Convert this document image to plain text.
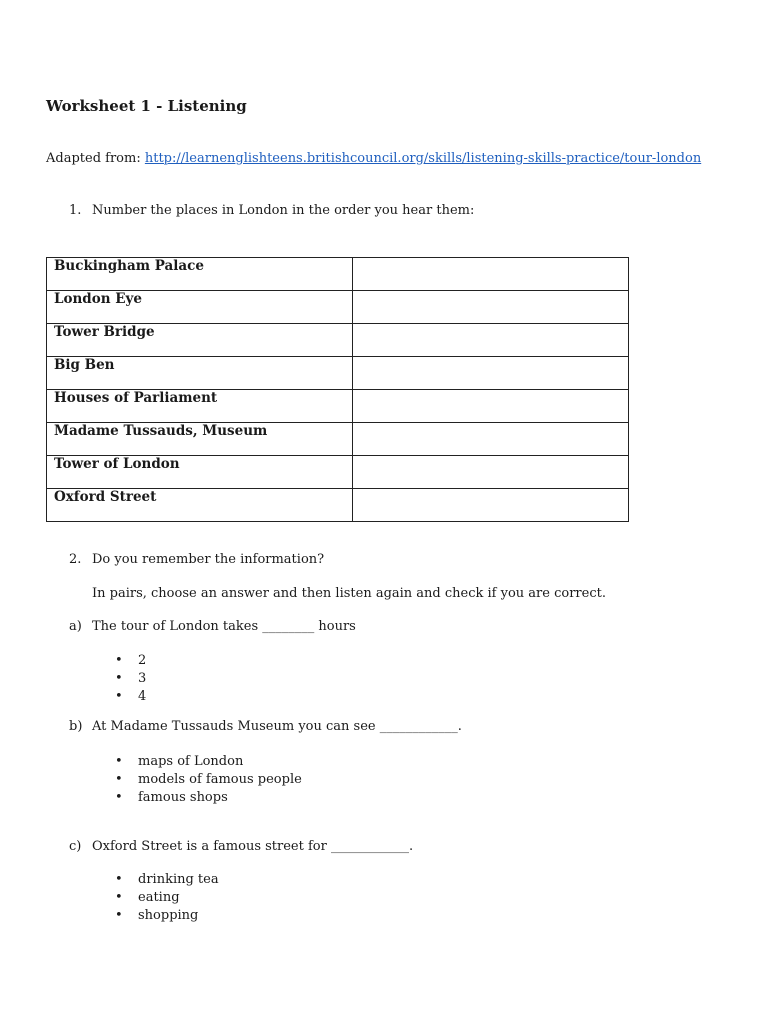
Worksheet 1 - Listening
Adapted from: http://learnenglishteens.britishcouncil.org/skills/listening-skills-practice/tour-london
1. Number the places in London in the order you hear them:
Buckingham Palace	

London Eye	

Tower Bridge	

Big Ben	

Houses of Parliament	

Madame Tussauds, Museum	

Tower of London	

Oxford Street	

2. Do you remember the information?
In pairs, choose an answer and then listen again and check if you are correct.
a) The tour of London takes ________ hours
• 2
• 3
• 4
b) At Madame Tussauds Museum you can see ____________.
• maps of London
• models of famous people
• famous shops
c) Oxford Street is a famous street for ____________.
• drinking tea
• eating
• shopping
